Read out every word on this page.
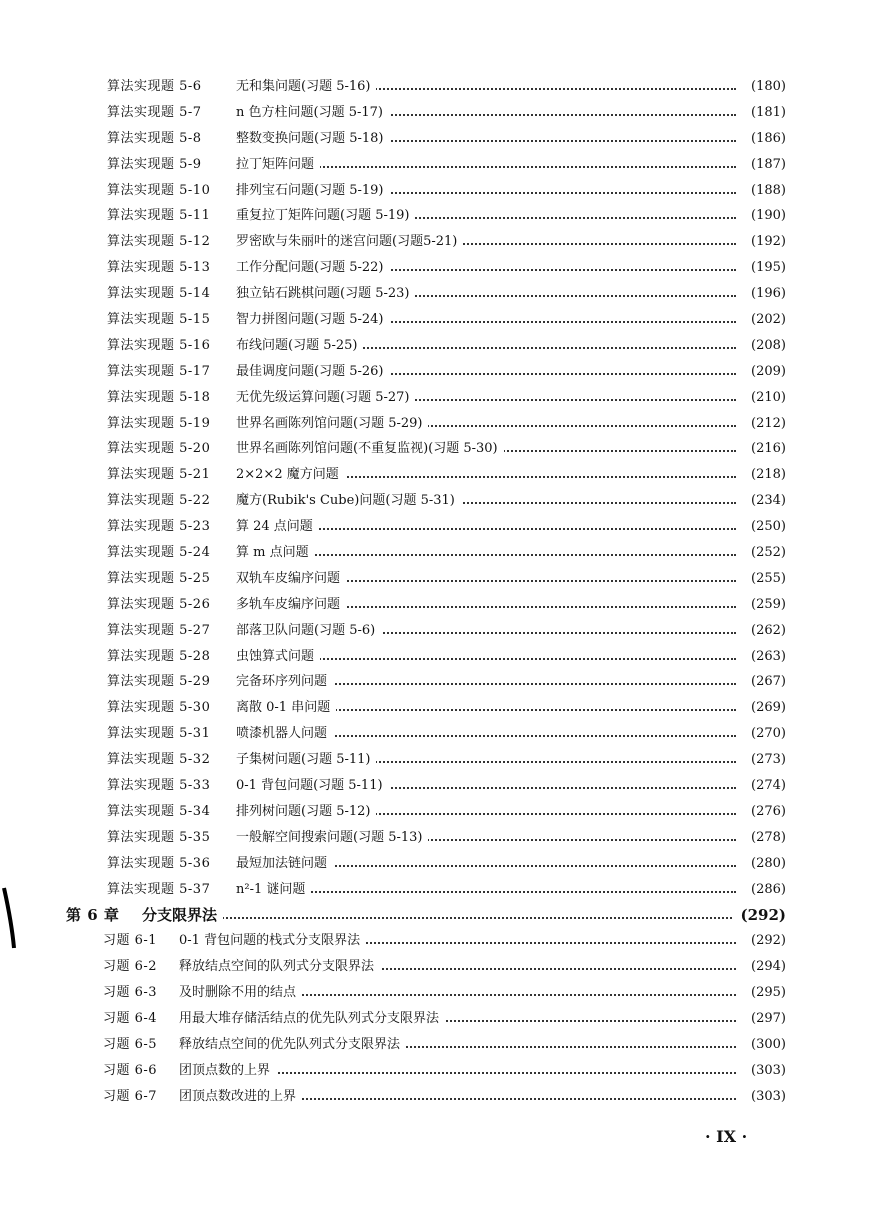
算法实现题 5-6	无和集问题(习题 5-16)	(180)
算法实现题 5-7	n 色方柱问题(习题 5-17)	(181)
算法实现题 5-8	整数变换问题(习题 5-18)	(186)
算法实现题 5-9	拉丁矩阵问题	(187)
算法实现题 5-10	排列宝石问题(习题 5-19)	(188)
算法实现题 5-11	重复拉丁矩阵问题(习题 5-19)	(190)
算法实现题 5-12	罗密欧与朱丽叶的迷宫问题(习题5-21)	(192)
算法实现题 5-13	工作分配问题(习题 5-22)	(195)
算法实现题 5-14	独立钻石跳棋问题(习题 5-23)	(196)
算法实现题 5-15	智力拼图问题(习题 5-24)	(202)
算法实现题 5-16	布线问题(习题 5-25)	(208)
算法实现题 5-17	最佳调度问题(习题 5-26)	(209)
算法实现题 5-18	无优先级运算问题(习题 5-27)	(210)
算法实现题 5-19	世界名画陈列馆问题(习题 5-29)	(212)
算法实现题 5-20	世界名画陈列馆问题(不重复监视)(习题 5-30)	(216)
算法实现题 5-21	2×2×2 魔方问题	(218)
算法实现题 5-22	魔方(Rubik's Cube)问题(习题 5-31)	(234)
算法实现题 5-23	算 24 点问题	(250)
算法实现题 5-24	算 m 点问题	(252)
算法实现题 5-25	双轨车皮编序问题	(255)
算法实现题 5-26	多轨车皮编序问题	(259)
算法实现题 5-27	部落卫队问题(习题 5-6)	(262)
算法实现题 5-28	虫蚀算式问题	(263)
算法实现题 5-29	完备环序列问题	(267)
算法实现题 5-30	离散 0-1 串问题	(269)
算法实现题 5-31	喷漆机器人问题	(270)
算法实现题 5-32	子集树问题(习题 5-11)	(273)
算法实现题 5-33	0-1 背包问题(习题 5-11)	(274)
算法实现题 5-34	排列树问题(习题 5-12)	(276)
算法实现题 5-35	一般解空间搜索问题(习题 5-13)	(278)
算法实现题 5-36	最短加法链问题	(280)
算法实现题 5-37	n²-1 谜问题	(286)
第 6 章	分支限界法	(292)
习题 6-1	0-1 背包问题的栈式分支限界法	(292)
习题 6-2	释放结点空间的队列式分支限界法	(294)
习题 6-3	及时删除不用的结点	(295)
习题 6-4	用最大堆存储活结点的优先队列式分支限界法	(297)
习题 6-5	释放结点空间的优先队列式分支限界法	(300)
习题 6-6	团顶点数的上界	(303)
习题 6-7	团顶点数改进的上界	(303)
· IX ·
